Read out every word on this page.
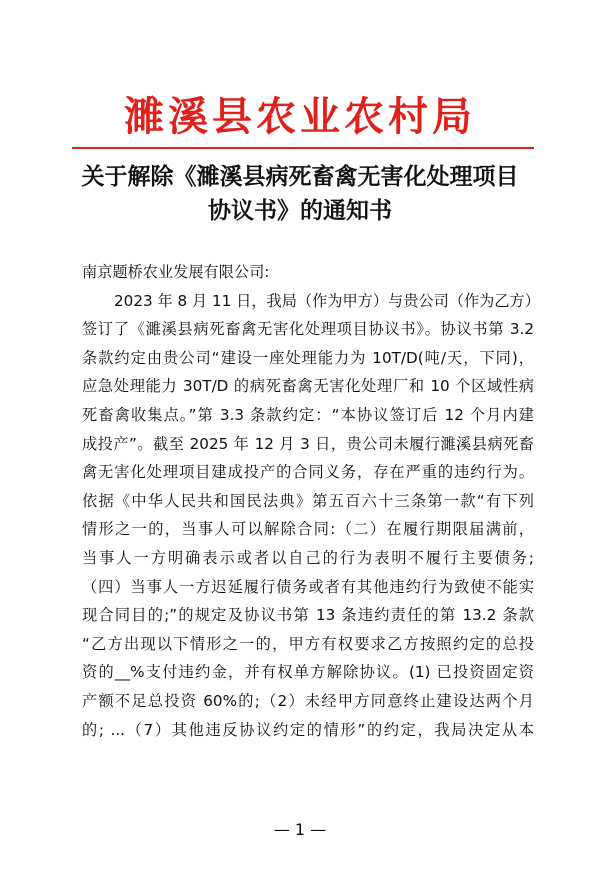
濉溪县农业农村局
关于解除《濉溪县病死畜禽无害化处理项目
协议书》的通知书
南京题桥农业发展有限公司:
2023 年 8 月 11 日，我局（作为甲方）与贵公司（作为乙方）
签订了《濉溪县病死畜禽无害化处理项目协议书》。协议书第 3.2
条款约定由贵公司“建设一座处理能力为 10T/D(吨/天，下同)，
应急处理能力 30T/D 的病死畜禽无害化处理厂和 10 个区域性病
死畜禽收集点。”第 3.3 条款约定：“本协议签订后 12 个月内建
成投产”。截至 2025 年 12 月 3 日，贵公司未履行濉溪县病死畜
禽无害化处理项目建成投产的合同义务，存在严重的违约行为。
依据《中华人民共和国民法典》第五百六十三条第一款“有下列
情形之一的，当事人可以解除合同:（二）在履行期限届满前，
当事人一方明确表示或者以自己的行为表明不履行主要债务;
（四）当事人一方迟延履行债务或者有其他违约行为致使不能实
现合同目的;”的规定及协议书第 13 条违约责任的第 13.2 条款
“乙方出现以下情形之一的，甲方有权要求乙方按照约定的总投
资的__%支付违约金，并有权单方解除协议。(1) 已投资固定资
产额不足总投资 60%的;（2）未经甲方同意终止建设达两个月
的; ...（7）其他违反协议约定的情形”的约定，我局决定从本
— 1 —
